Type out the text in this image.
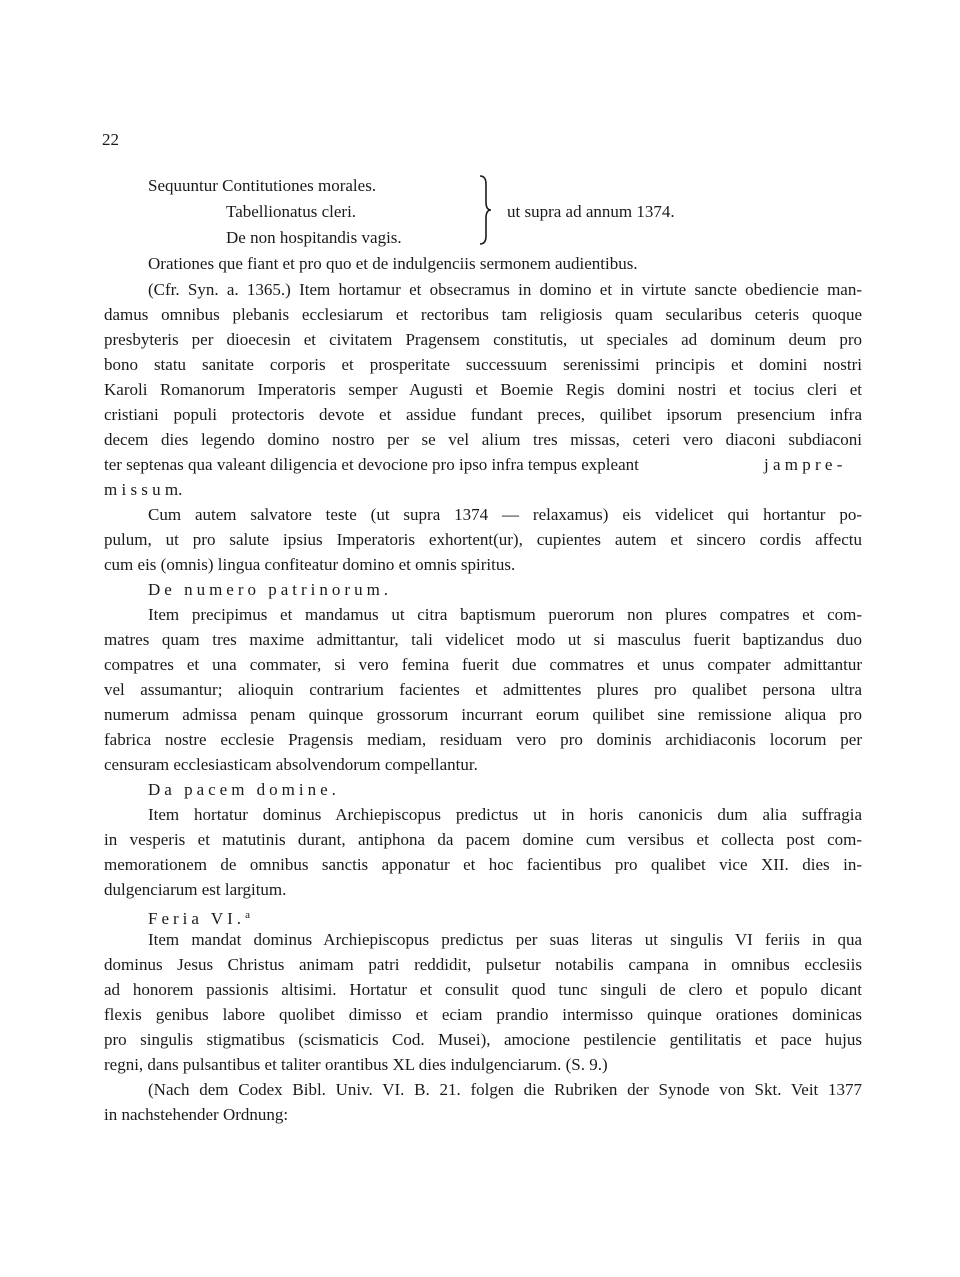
22
Sequuntur Contitutiones morales.
Tabellionatus cleri.
De non hospitandis vagis.
ut supra ad annum 1374.
Orationes que fiant et pro quo et de indulgenciis sermonem audientibus.
(Cfr. Syn. a. 1365.) Item hortamur et obsecramus in domino et in virtute sancte obediencie man-
damus omnibus plebanis ecclesiarum et rectoribus tam religiosis quam secularibus ceteris quoque
presbyteris per dioecesin et civitatem Pragensem constitutis, ut speciales ad dominum deum pro
bono statu sanitate corporis et prosperitate successuum serenissimi principis et domini nostri
Karoli Romanorum Imperatoris semper Augusti et Boemie Regis domini nostri et tocius cleri et
cristiani populi protectoris devote et assidue fundant preces, quilibet ipsorum presencium infra
decem dies legendo domino nostro per se vel alium tres missas, ceteri vero diaconi subdiaconi
ter septenas qua valeant diligencia et devocione pro ipso infra tempus expleant	j a m p r e -
m i s s u m.
Cum autem salvatore teste (ut supra 1374 — relaxamus) eis videlicet qui hortantur po-
pulum, ut pro salute ipsius Imperatoris exhortent(ur), cupientes autem et sincero cordis affectu
cum eis (omnis) lingua confiteatur domino et omnis spiritus.
De numero patrinorum.
Item precipimus et mandamus ut citra baptismum puerorum non plures compatres et com-
matres quam tres maxime admittantur, tali videlicet modo ut si masculus fuerit baptizandus duo
compatres et una commater, si vero femina fuerit due commatres et unus compater admittantur
vel assumantur; alioquin contrarium facientes et admittentes plures pro qualibet persona ultra
numerum admissa penam quinque grossorum incurrant eorum quilibet sine remissione aliqua pro
fabrica nostre ecclesie Pragensis mediam, residuam vero pro dominis archidiaconis locorum per
censuram ecclesiasticam absolvendorum compellantur.
Da pacem domine.
Item hortatur dominus Archiepiscopus predictus ut in horis canonicis dum alia suffragia
in vesperis et matutinis durant, antiphona da pacem domine cum versibus et collecta post com-
memorationem de omnibus sanctis apponatur et hoc facientibus pro qualibet vice XII. dies in-
dulgenciarum est largitum.
Feria VI.$^a$
Item mandat dominus Archiepiscopus predictus per suas literas ut singulis VI feriis in qua
dominus Jesus Christus animam patri reddidit, pulsetur notabilis campana in omnibus ecclesiis
ad honorem passionis altisimi. Hortatur et consulit quod tunc singuli de clero et populo dicant
flexis genibus labore quolibet dimisso et eciam prandio intermisso quinque orationes dominicas
pro singulis stigmatibus (scismaticis Cod. Musei), amocione pestilencie gentilitatis et pace hujus
regni, dans pulsantibus et taliter orantibus XL dies indulgenciarum. (S. 9.)
(Nach dem Codex Bibl. Univ. VI. B. 21. folgen die Rubriken der Synode von Skt. Veit 1377
in nachstehender Ordnung:
